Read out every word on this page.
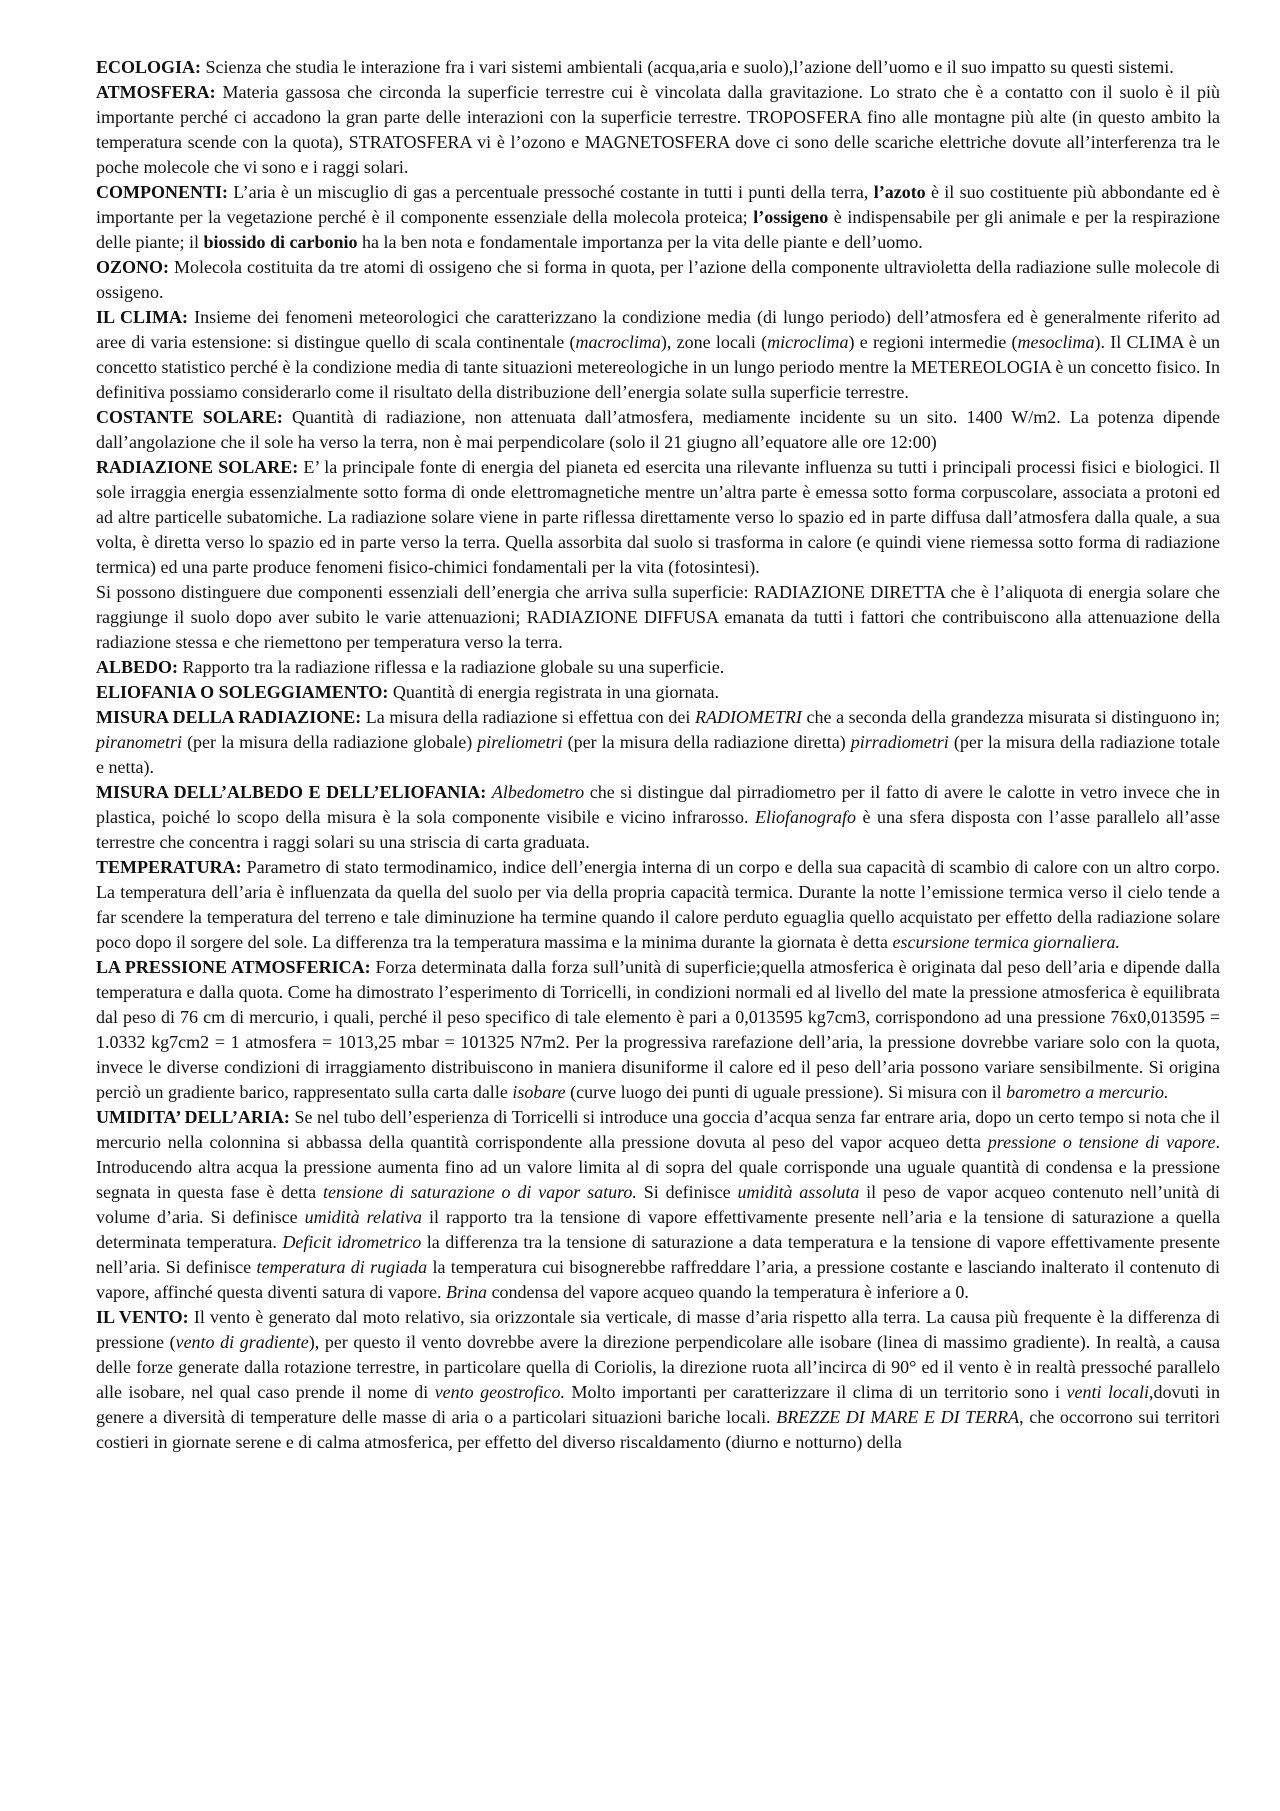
ECOLOGIA: Scienza che studia le interazione fra i vari sistemi ambientali (acqua,aria e suolo),l’azione dell’uomo e il suo impatto su questi sistemi.

ATMOSFERA: Materia gassosa che circonda la superficie terrestre cui è vincolata dalla gravitazione. Lo strato che è a contatto con il suolo è il più importante perché ci accadono la gran parte delle interazioni con la superficie terrestre. TROPOSFERA fino alle montagne più alte (in questo ambito la temperatura scende con la quota), STRATOSFERA vi è l’ozono e MAGNETOSFERA dove ci sono delle scariche elettriche dovute all’interferenza tra le poche molecole che vi sono e i raggi solari.

COMPONENTI: L’aria è un miscuglio di gas a percentuale pressoché costante in tutti i punti della terra, l’azoto è il suo costituente più abbondante ed è importante per la vegetazione perché è il componente essenziale della molecola proteica; l’ossigeno è indispensabile per gli animale e per la respirazione delle piante; il biossido di carbonio ha la ben nota e fondamentale importanza per la vita delle piante e dell’uomo.

OZONO: Molecola costituita da tre atomi di ossigeno che si forma in quota, per l’azione della componente ultravioletta della radiazione sulle molecole di ossigeno.

IL CLIMA: Insieme dei fenomeni meteorologici che caratterizzano la condizione media (di lungo periodo) dell’atmosfera ed è generalmente riferito ad aree di varia estensione: si distingue quello di scala continentale (macroclima), zone locali (microclima) e regioni intermedie (mesoclima). Il CLIMA è un concetto statistico perché è la condizione media di tante situazioni metereologiche in un lungo periodo mentre la METEREOLOGIA è un concetto fisico. In definitiva possiamo considerarlo come il risultato della distribuzione dell’energia solate sulla superficie terrestre.

COSTANTE SOLARE: Quantità di radiazione, non attenuata dall’atmosfera, mediamente incidente su un sito. 1400 W/m2. La potenza dipende dall’angolazione che il sole ha verso la terra, non è mai perpendicolare (solo il 21 giugno all’equatore alle ore 12:00)

RADIAZIONE SOLARE: E’ la principale fonte di energia del pianeta ed esercita una rilevante influenza su tutti i principali processi fisici e biologici. Il sole irraggia energia essenzialmente sotto forma di onde elettromagnetiche mentre un’altra parte è emessa sotto forma corpuscolare, associata a protoni ed ad altre particelle subatomiche. La radiazione solare viene in parte riflessa direttamente verso lo spazio ed in parte diffusa dall’atmosfera dalla quale, a sua volta, è diretta verso lo spazio ed in parte verso la terra. Quella assorbita dal suolo si trasforma in calore (e quindi viene riemessa sotto forma di radiazione termica) ed una parte produce fenomeni fisico-chimici fondamentali per la vita (fotosintesi).

Si possono distinguere due componenti essenziali dell’energia che arriva sulla superficie: RADIAZIONE DIRETTA che è l’aliquota di energia solare che raggiunge il suolo dopo aver subito le varie attenuazioni; RADIAZIONE DIFFUSA emanata da tutti i fattori che contribuiscono alla attenuazione della radiazione stessa e che riemettono per temperatura verso la terra.

ALBEDO: Rapporto tra la radiazione riflessa e la radiazione globale su una superficie.

ELIOFANIA O SOLEGGIAMENTO: Quantità di energia registrata in una giornata.

MISURA DELLA RADIAZIONE: La misura della radiazione si effettua con dei RADIOMETRI che a seconda della grandezza misurata si distinguono in; piranometri (per la misura della radiazione globale) pireliometri (per la misura della radiazione diretta) pirradiometri (per la misura della radiazione totale e netta).

MISURA DELL’ALBEDO E DELL’ELIOFANIA: Albedometro che si distingue dal pirradiometro per il fatto di avere le calotte in vetro invece che in plastica, poiché lo scopo della misura è la sola componente visibile e vicino infrarosso. Eliofanografo è una sfera disposta con l’asse parallelo all’asse terrestre che concentra i raggi solari su una striscia di carta graduata.

TEMPERATURA: Parametro di stato termodinamico, indice dell’energia interna di un corpo e della sua capacità di scambio di calore con un altro corpo. La temperatura dell’aria è influenzata da quella del suolo per via della propria capacità termica. Durante la notte l’emissione termica verso il cielo tende a far scendere la temperatura del terreno e tale diminuzione ha termine quando il calore perduto eguaglia quello acquistato per effetto della radiazione solare poco dopo il sorgere del sole. La differenza tra la temperatura massima e la minima durante la giornata è detta escursione termica giornaliera.

LA PRESSIONE ATMOSFERICA: Forza determinata dalla forza sull’unità di superficie;quella atmosferica è originata dal peso dell’aria e dipende dalla temperatura e dalla quota. Come ha dimostrato l’esperimento di Torricelli, in condizioni normali ed al livello del mate la pressione atmosferica è equilibrata dal peso di 76 cm di mercurio, i quali, perché il peso specifico di tale elemento è pari a 0,013595 kg7cm3, corrispondono ad una pressione 76x0,013595 = 1.0332 kg7cm2 = 1 atmosfera = 1013,25 mbar = 101325 N7m2. Per la progressiva rarefazione dell’aria, la pressione dovrebbe variare solo con la quota, invece le diverse condizioni di irraggiamento distribuiscono in maniera disuniforme il calore ed il peso dell’aria possono variare sensibilmente. Si origina perciò un gradiente barico, rappresentato sulla carta dalle isobare (curve luogo dei punti di uguale pressione). Si misura con il barometro a mercurio.

UMIDITA’ DELL’ARIA: Se nel tubo dell’esperienza di Torricelli si introduce una goccia d’acqua senza far entrare aria, dopo un certo tempo si nota che il mercurio nella colonnina si abbassa della quantità corrispondente alla pressione dovuta al peso del vapor acqueo detta pressione o tensione di vapore. Introducendo altra acqua la pressione aumenta fino ad un valore limita al di sopra del quale corrisponde una uguale quantità di condensa e la pressione segnata in questa fase è detta tensione di saturazione o di vapor saturo. Si definisce umidità assoluta il peso de vapor acqueo contenuto nell’unità di volume d’aria. Si definisce umidità relativa il rapporto tra la tensione di vapore effettivamente presente nell’aria e la tensione di saturazione a quella determinata temperatura. Deficit idrometrico la differenza tra la tensione di saturazione a data temperatura e la tensione di vapore effettivamente presente nell’aria. Si definisce temperatura di rugiada la temperatura cui bisognerebbe raffreddare l’aria, a pressione costante e lasciando inalterato il contenuto di vapore, affinché questa diventi satura di vapore. Brina condensa del vapore acqueo quando la temperatura è inferiore a 0.

IL VENTO: Il vento è generato dal moto relativo, sia orizzontale sia verticale, di masse d’aria rispetto alla terra. La causa più frequente è la differenza di pressione (vento di gradiente), per questo il vento dovrebbe avere la direzione perpendicolare alle isobare (linea di massimo gradiente). In realtà, a causa delle forze generate dalla rotazione terrestre, in particolare quella di Coriolis, la direzione ruota all’incirca di 90° ed il vento è in realtà pressoché parallelo alle isobare, nel qual caso prende il nome di vento geostrofico. Molto importanti per caratterizzare il clima di un territorio sono i venti locali,dovuti in genere a diversità di temperature delle masse di aria o a particolari situazioni bariche locali. BREZZE DI MARE E DI TERRA, che occorrono sui territori costieri in giornate serene e di calma atmosferica, per effetto del diverso riscaldamento (diurno e notturno) della
